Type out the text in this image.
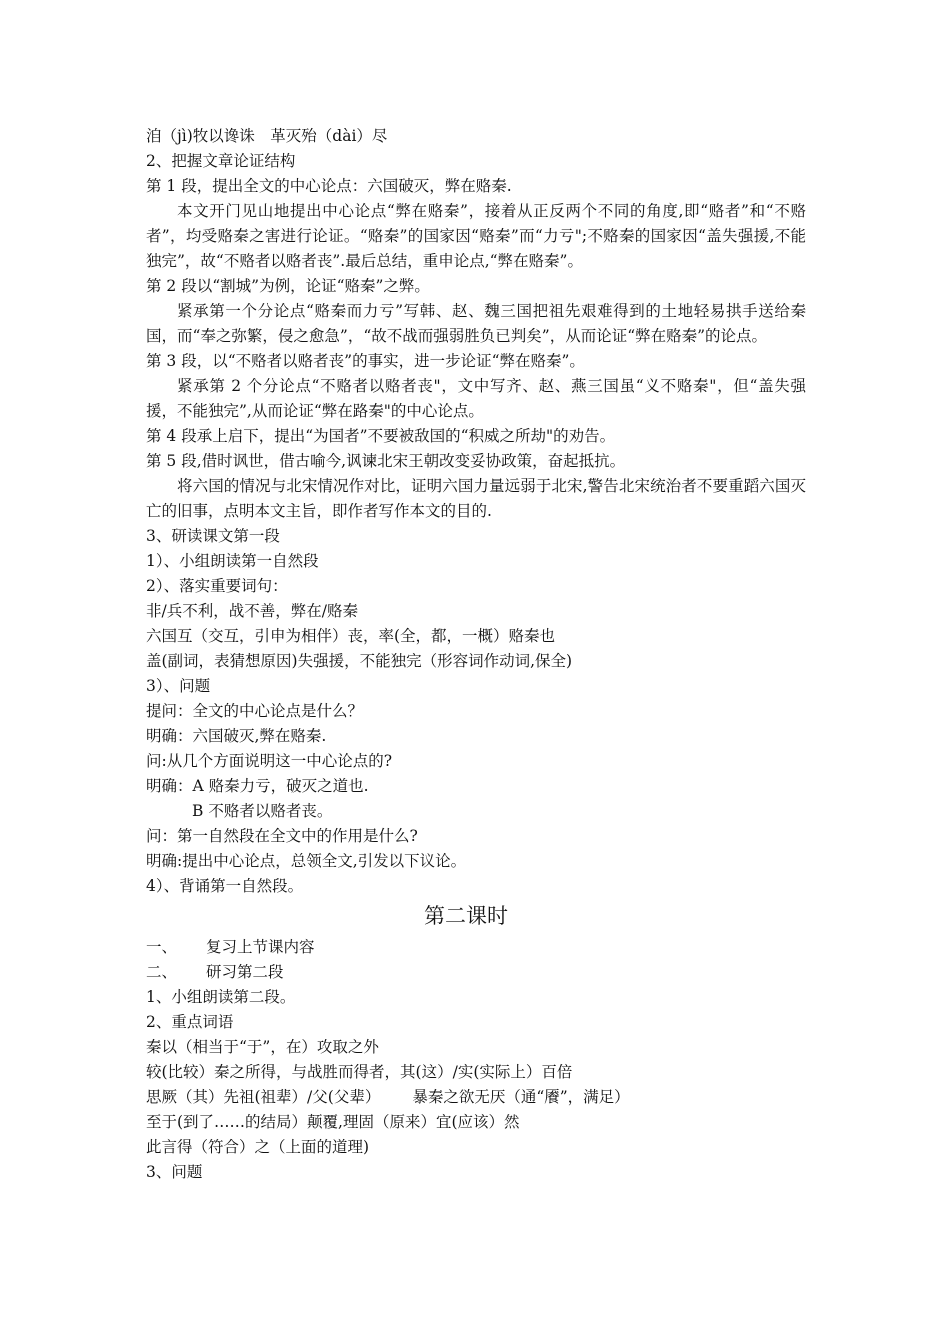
洎（jì)牧以谗诛　革灭殆（dài）尽
2、把握文章论证结构
第 1 段，提出全文的中心论点：六国破灭，弊在赂秦.

本文开门见山地提出中心论点“弊在赂秦”，接着从正反两个不同的角度,即“赂者”和“不赂者”，均受赂秦之害进行论证。“赂秦”的国家因“赂秦”而“力亏";不赂秦的国家因“盖失强援,不能独完”，故“不赂者以赂者丧”.最后总结，重申论点,“弊在赂秦”。

第 2 段以“割城”为例，论证“赂秦”之弊。

紧承第一个分论点“赂秦而力亏”写韩、赵、魏三国把祖先艰难得到的土地轻易拱手送给秦国，而“奉之弥繁，侵之愈急”，“故不战而强弱胜负已判矣”，从而论证“弊在赂秦”的论点。

第 3 段，以“不赂者以赂者丧”的事实，进一步论证“弊在赂秦”。

紧承第 2 个分论点“不赂者以赂者丧"，文中写齐、赵、燕三国虽“义不赂秦"，但“盖失强援，不能独完”,从而论证“弊在路秦"的中心论点。

第 4 段承上启下，提出“为国者”不要被敌国的“积威之所劫"的劝告。
第 5 段,借时讽世，借古喻今,讽谏北宋王朝改变妥协政策，奋起抵抗。

将六国的情况与北宋情况作对比，证明六国力量远弱于北宋,警告北宋统治者不要重蹈六国灭亡的旧事，点明本文主旨，即作者写作本文的目的.

3、研读课文第一段
1）、小组朗读第一自然段
2）、落实重要词句：
非/兵不利，战不善，弊在/赂秦
六国互（交互，引申为相伴）丧，率(全，都，一概）赂秦也
盖(副词，表猜想原因)失强援，不能独完（形容词作动词,保全)
3）、问题
提问：全文的中心论点是什么？
明确：六国破灭,弊在赂秦.
问:从几个方面说明这一中心论点的?
明确：A 赂秦力亏，破灭之道也.
B 不赂者以赂者丧。
问：第一自然段在全文中的作用是什么?
明确:提出中心论点，总领全文,引发以下议论。
4）、背诵第一自然段。
第二课时
一、 复习上节课内容
二、 研习第二段
1、小组朗读第二段。
2、重点词语
秦以（相当于“于”，在）攻取之外
较(比较）秦之所得，与战胜而得者，其(这）/实(实际上）百倍
思厥（其）先祖(祖辈）/父(父辈） 暴秦之欲无厌（通“餍”，满足）
至于(到了……的结局）颠覆,理固（原来）宜(应该）然
此言得（符合）之（上面的道理)
3、问题
